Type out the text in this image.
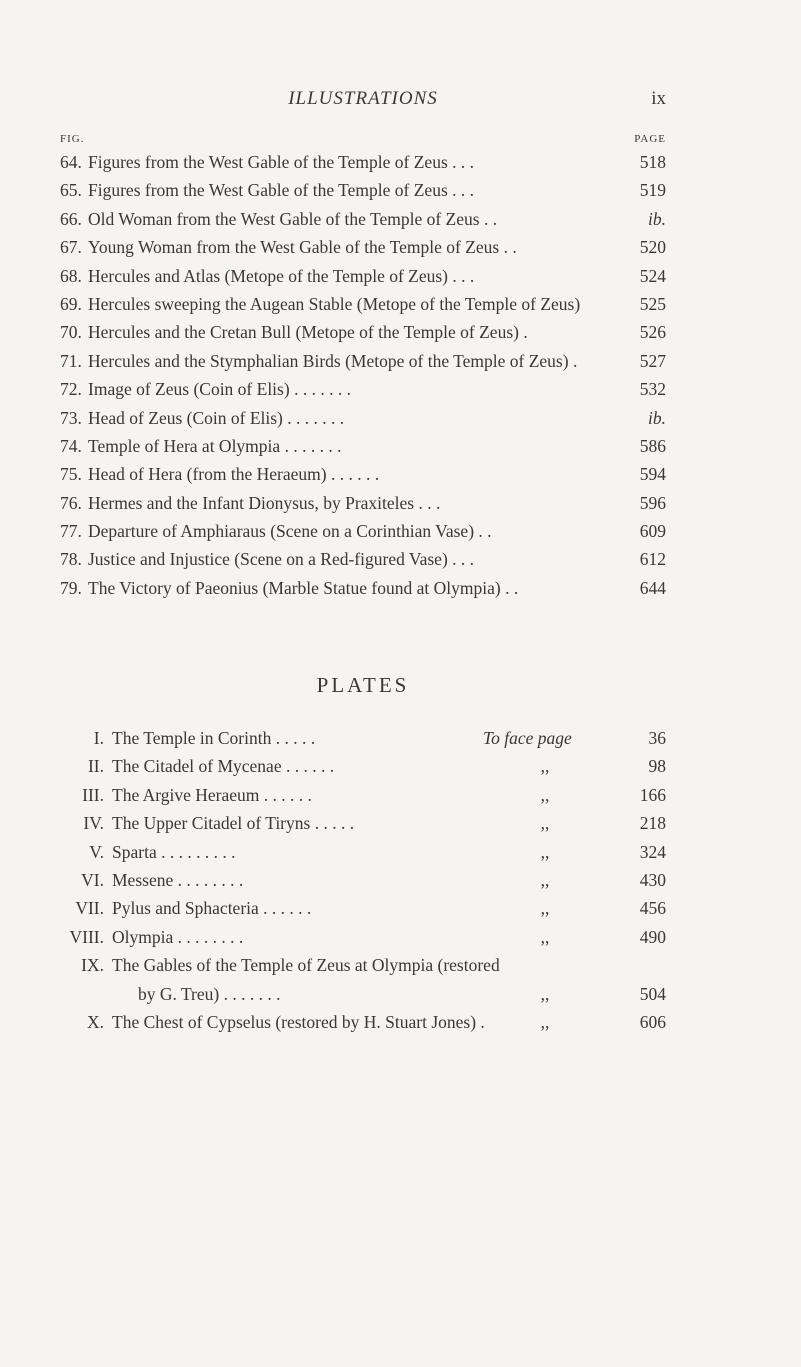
ILLUSTRATIONS	ix
FIG.	PAGE
64. Figures from the West Gable of the Temple of Zeus . . .	518
65. Figures from the West Gable of the Temple of Zeus . . .	519
66. Old Woman from the West Gable of the Temple of Zeus . .	ib.
67. Young Woman from the West Gable of the Temple of Zeus . .	520
68. Hercules and Atlas (Metope of the Temple of Zeus) . . .	524
69. Hercules sweeping the Augean Stable (Metope of the Temple of Zeus)	525
70. Hercules and the Cretan Bull (Metope of the Temple of Zeus) .	526
71. Hercules and the Stymphalian Birds (Metope of the Temple of Zeus) .	527
72. Image of Zeus (Coin of Elis) . . . . . . .	532
73. Head of Zeus (Coin of Elis) . . . . . . .	ib.
74. Temple of Hera at Olympia . . . . . . .	586
75. Head of Hera (from the Heraeum) . . . . . .	594
76. Hermes and the Infant Dionysus, by Praxiteles . . .	596
77. Departure of Amphiaraus (Scene on a Corinthian Vase) . .	609
78. Justice and Injustice (Scene on a Red-figured Vase) . . .	612
79. The Victory of Paeonius (Marble Statue found at Olympia) . .	644
PLATES
I. The Temple in Corinth . . . . .	To face page	36
II. The Citadel of Mycenae . . . . . .	,,	98
III. The Argive Heraeum . . . . . .	,,	166
IV. The Upper Citadel of Tiryns . . . . .	,,	218
V. Sparta . . . . . . . . .	,,	324
VI. Messene . . . . . . . .	,,	430
VII. Pylus and Sphacteria . . . . . .	,,	456
VIII. Olympia . . . . . . . .	,,	490
IX. The Gables of the Temple of Zeus at Olympia (restored
by G. Treu) . . . . . . .	,,	504
X. The Chest of Cypselus (restored by H. Stuart Jones) .	,,	606
